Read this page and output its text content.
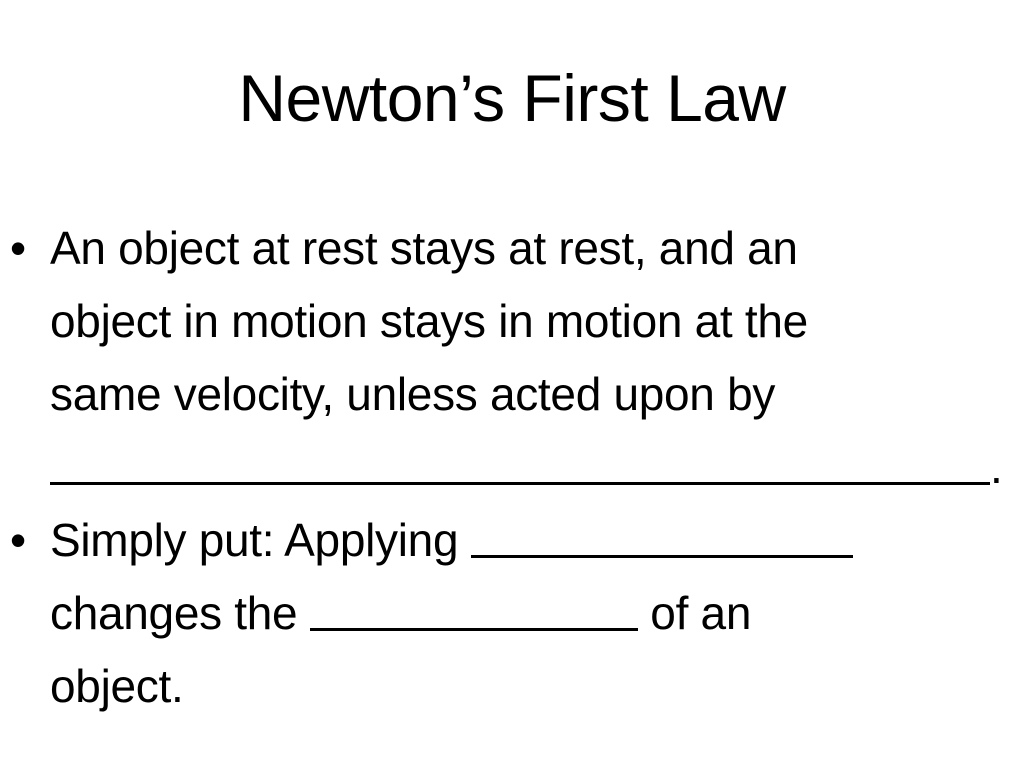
Newton’s First Law
• An object at rest stays at rest, and an
object in motion stays in motion at the
same velocity, unless acted upon by
.
• Simply put: Applying
changes the	of an
object.
